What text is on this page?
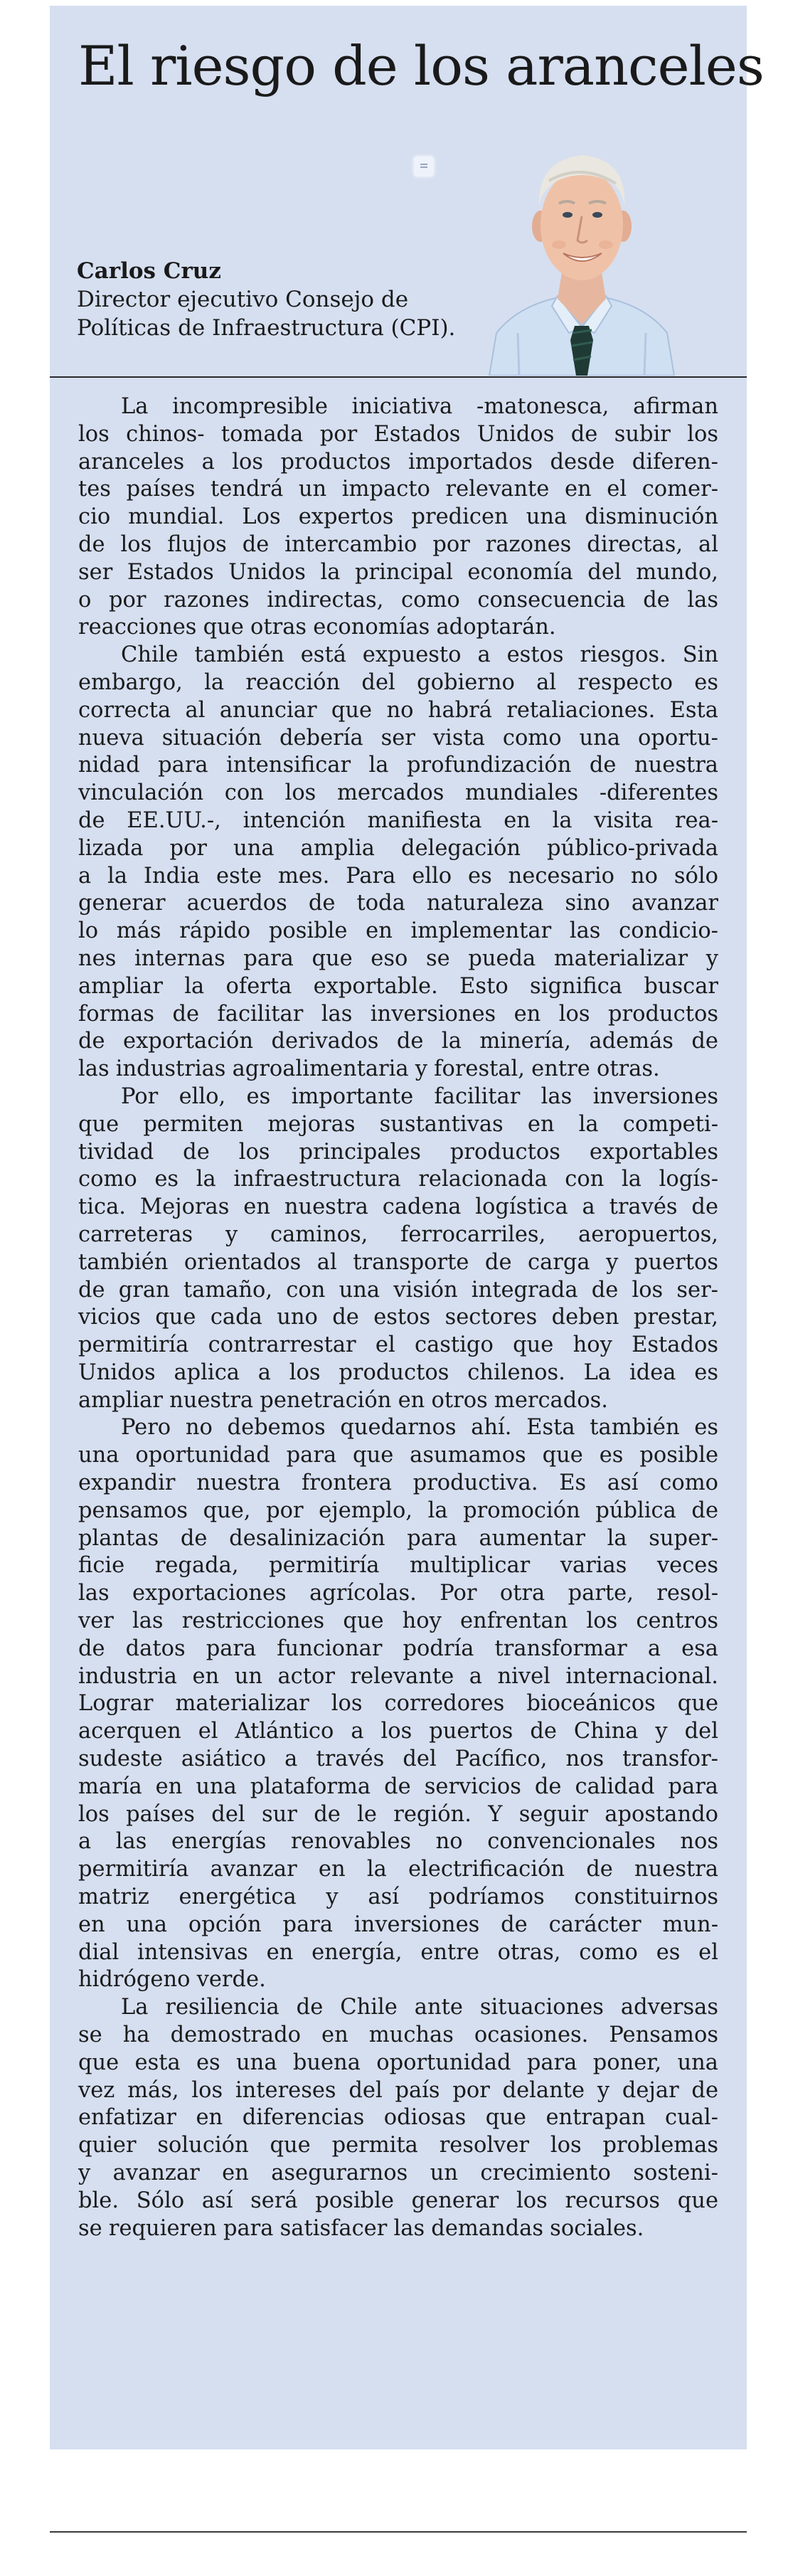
El riesgo de los aranceles

Carlos Cruz

Director ejecutivo Consejo de
Políticas de Infraestructura (CPI).

La incompresible iniciativa -matonesca, afirman
los chinos- tomada por Estados Unidos de subir los
aranceles a los productos importados desde diferen-
tes países tendrá un impacto relevante en el comer-
cio mundial. Los expertos predicen una disminución
de los flujos de intercambio por razones directas, al
ser Estados Unidos la principal economía del mundo,
o por razones indirectas, como consecuencia de las
reacciones que otras economías adoptarán.

Chile también está expuesto a estos riesgos. Sin
embargo, la reacción del gobierno al respecto es
correcta al anunciar que no habrá retaliaciones. Esta
nueva situación debería ser vista como una oportu-
nidad para intensificar la profundización de nuestra
vinculación con los mercados mundiales -diferentes
de EE.UU.-, intención manifiesta en la visita rea-
lizada por una amplia delegación público-privada
a la India este mes. Para ello es necesario no sólo
generar acuerdos de toda naturaleza sino avanzar
lo más rápido posible en implementar las condicio-
nes internas para que eso se pueda materializar y
ampliar la oferta exportable. Esto significa buscar
formas de facilitar las inversiones en los productos
de exportación derivados de la minería, además de
las industrias agroalimentaria y forestal, entre otras.

Por ello, es importante facilitar las inversiones
que permiten mejoras sustantivas en la competi-
tividad de los principales productos exportables
como es la infraestructura relacionada con la logís-
tica. Mejoras en nuestra cadena logística a través de
carreteras y caminos, ferrocarriles, aeropuertos,
también orientados al transporte de carga y puertos
de gran tamaño, con una visión integrada de los ser-
vicios que cada uno de estos sectores deben prestar,
permitiría contrarrestar el castigo que hoy Estados
Unidos aplica a los productos chilenos. La idea es
ampliar nuestra penetración en otros mercados.

Pero no debemos quedarnos ahí. Esta también es
una oportunidad para que asumamos que es posible
expandir nuestra frontera productiva. Es así como
pensamos que, por ejemplo, la promoción pública de
plantas de desalinización para aumentar la super-
ficie regada, permitiría multiplicar varias veces
las exportaciones agrícolas. Por otra parte, resol-
ver las restricciones que hoy enfrentan los centros
de datos para funcionar podría transformar a esa
industria en un actor relevante a nivel internacional.
Lograr materializar los corredores bioceánicos que
acerquen el Atlántico a los puertos de China y del
sudeste asiático a través del Pacífico, nos transfor-
maría en una plataforma de servicios de calidad para
los países del sur de le región. Y seguir apostando
a las energías renovables no convencionales nos
permitiría avanzar en la electrificación de nuestra
matriz energética y así podríamos constituirnos
en una opción para inversiones de carácter mun-
dial intensivas en energía, entre otras, como es el
hidrógeno verde.

La resiliencia de Chile ante situaciones adversas
se ha demostrado en muchas ocasiones. Pensamos
que esta es una buena oportunidad para poner, una
vez más, los intereses del país por delante y dejar de
enfatizar en diferencias odiosas que entrapan cual-
quier solución que permita resolver los problemas
y avanzar en asegurarnos un crecimiento sosteni-
ble. Sólo así será posible generar los recursos que
se requieren para satisfacer las demandas sociales.
